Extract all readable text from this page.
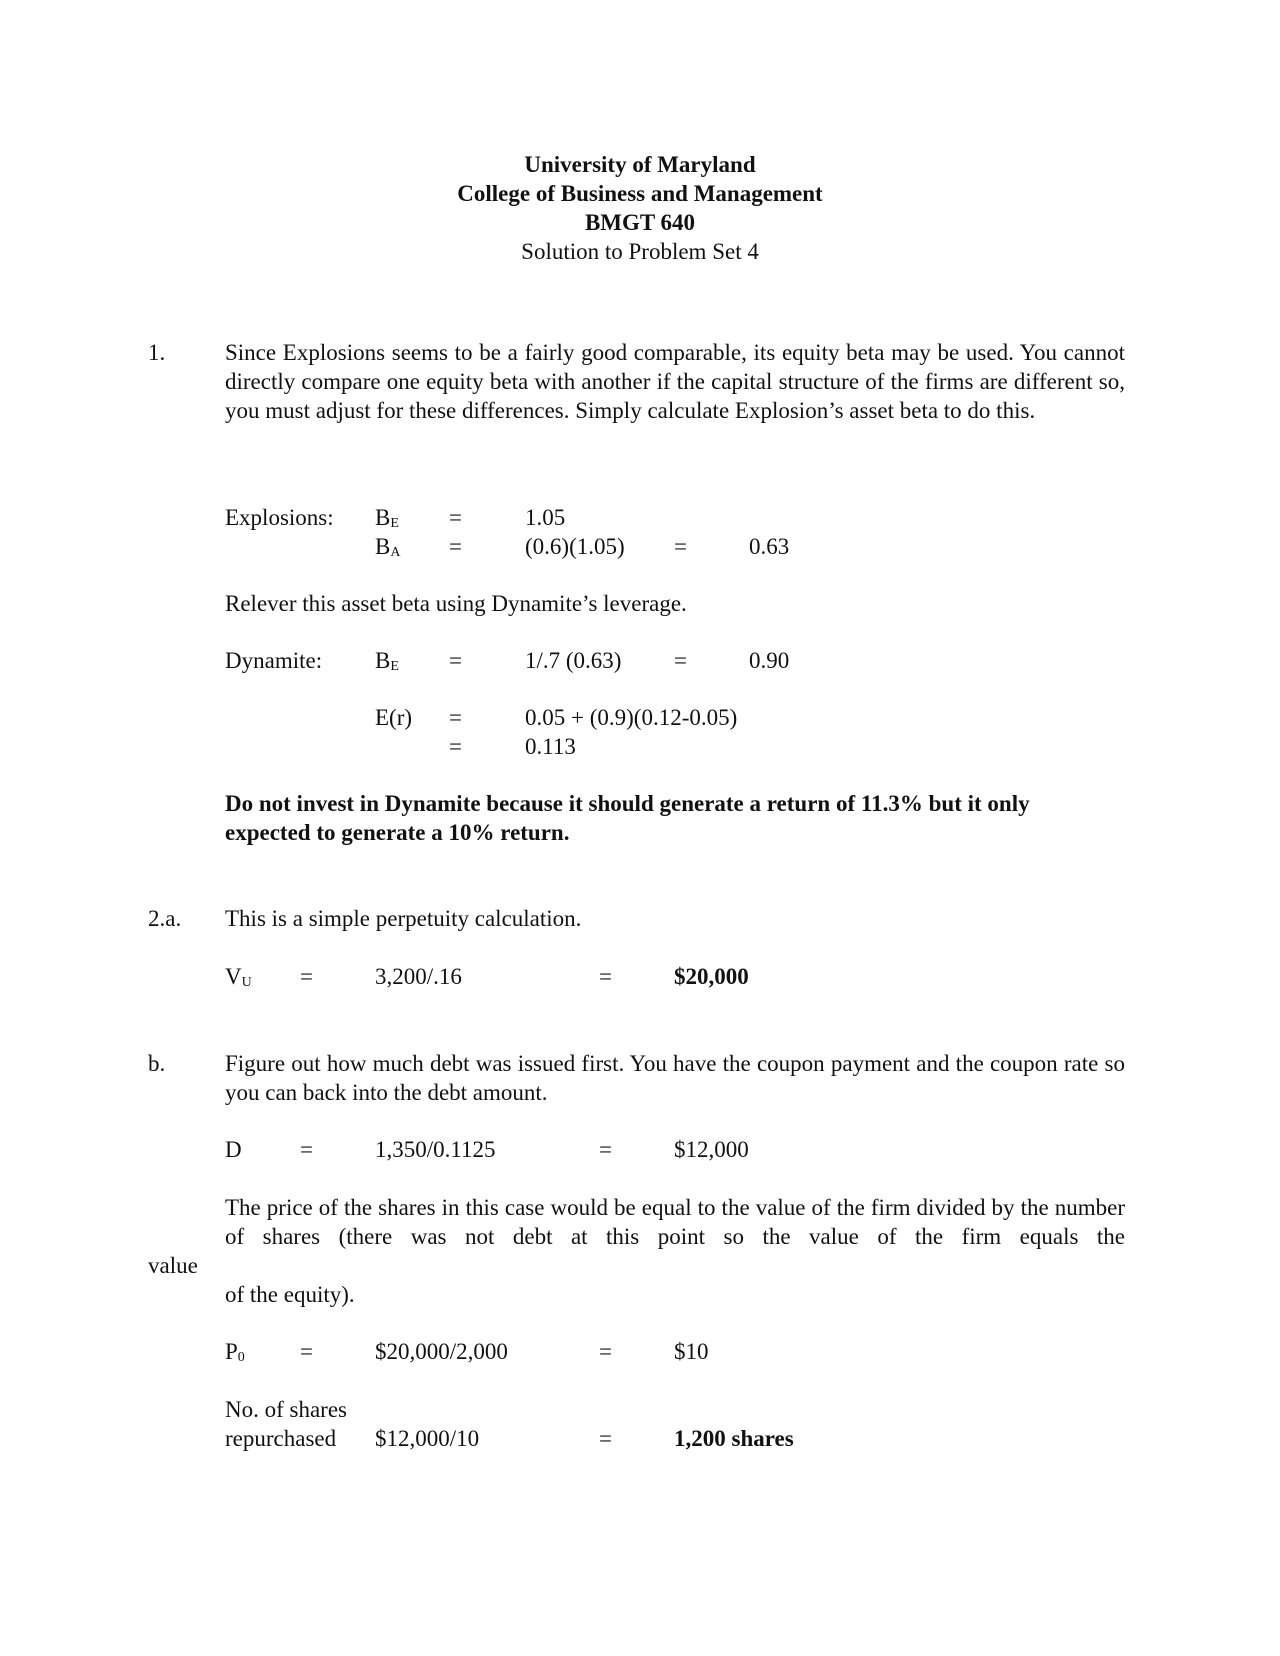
University of Maryland
College of Business and Management
BMGT 640
Solution to Problem Set 4
1.	Since Explosions seems to be a fairly good comparable, its equity beta may be used. You cannot directly compare one equity beta with another if the capital structure of the firms are different so, you must adjust for these differences. Simply calculate Explosion’s asset beta to do this.
Explosions: BE =	1.05
BA =	(0.6)(1.05) =	0.63
Relever this asset beta using Dynamite’s leverage.
Dynamite: BE =	1/.7 (0.63) =	0.90
E(r) =	0.05 + (0.9)(0.12-0.05)
=	0.113
Do not invest in Dynamite because it should generate a return of 11.3% but it only expected to generate a 10% return.
2.a. This is a simple perpetuity calculation.
VU =	3,200/.16	=	$20,000
b.	Figure out how much debt was issued first. You have the coupon payment and the coupon rate so you can back into the debt amount.
D	=	1,350/0.1125	=	$12,000
The price of the shares in this case would be equal to the value of the firm divided by the number of shares (there was not debt at this point so the value of the firm equals the
value
of the equity).
P0 =	$20,000/2,000	=	$10
No. of shares
repurchased $12,000/10	=	1,200 shares
